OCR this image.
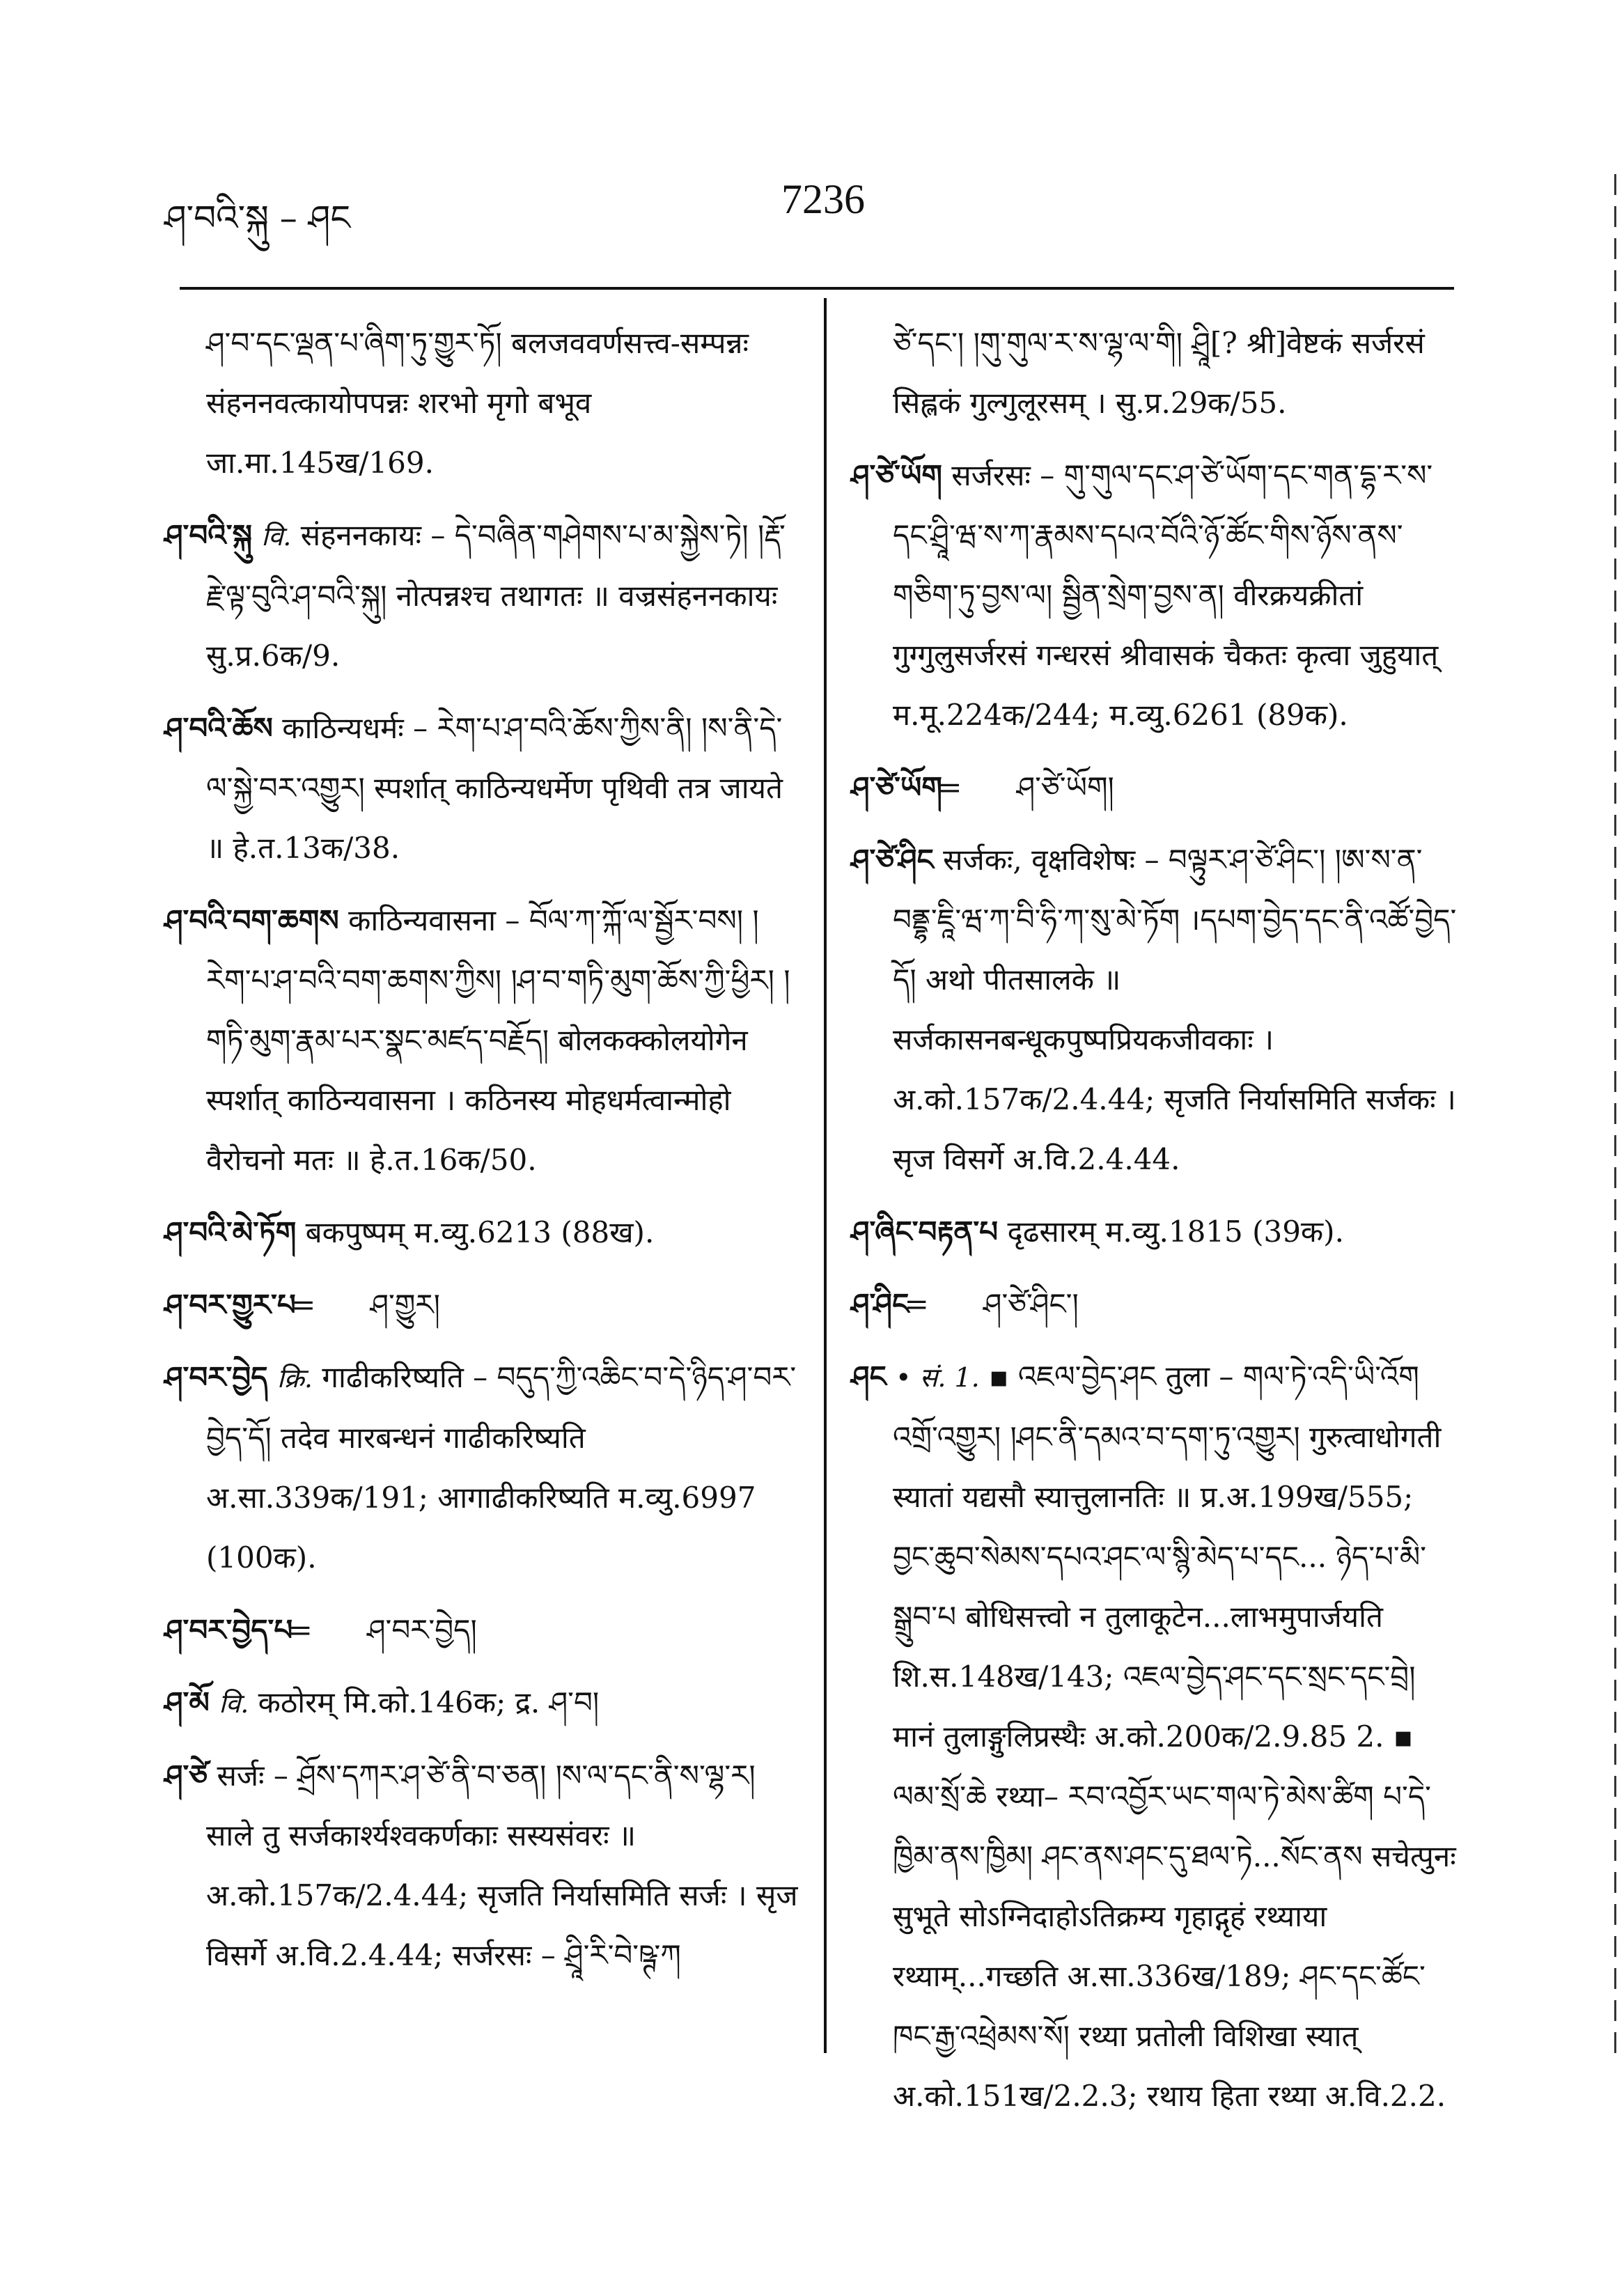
ཤ་བའི་སྐུ – ཤང	7236
ཤ་བ་དང་ལྡན་པ་ཞིག་ཏུ་གྱུར་ཏོ། बलजववर्णसत्त्व-सम्पन्नः संहननवत्कायोपपन्नः शरभो मृगो बभूव जा.मा.145ख/169.
ཤ་བའི་སྐུ वि. संहननकायः – དེ་བཞིན་གཤེགས་པ་མ་སྐྱེས་ཏེ། །རྡོ་རྗེ་ལྟ་བུའི་ཤ་བའི་སྐུ། नोत्पन्नश्च तथागतः ॥ वज्रसंहननकायः सु.प्र.6क/9.
ཤ་བའི་ཆོས काठिन्यधर्मः – རེག་པ་ཤ་བའི་ཆོས་ཀྱིས་ནི། །ས་ནི་དེ་ལ་སྐྱེ་བར་འགྱུར། स्पर्शात् काठिन्यधर्मेण पृथिवी तत्र जायते ॥ हे.त.13क/38.
ཤ་བའི་བག་ཆགས काठिन्यवासना – བོལ་ཀ་ཀྐོ་ལ་སྦྱོར་བས། །རེག་པ་ཤ་བའི་བག་ཆགས་ཀྱིས། །ཤ་བ་གཏི་མུག་ཆོས་ཀྱི་ཕྱིར། །གཏི་མུག་རྣམ་པར་སྣང་མཛད་བརྗོད། बोलकक्कोलयोगेन स्पर्शात् काठिन्यवासना । कठिनस्य मोहधर्मत्वान्मोहो वैरोचनो मतः ॥ हे.त.16क/50.
ཤ་བའི་མེ་ཏོག बकपुष्पम् म.व्यु.6213 (88ख).
ཤ་བར་གྱུར་པ = ཤ་གྱུར།
ཤ་བར་བྱེད क्रि. गाढीकरिष्यति – བདུད་ཀྱི་འཆིང་བ་དེ་ཉིད་ཤ་བར་བྱེད་དོ། तदेव मारबन्धनं गाढीकरिष्यति अ.सा.339क/191; आगाढीकरिष्यति म.व्यु.6997 (100क).
ཤ་བར་བྱེད་པ = ཤ་བར་བྱེད།
ཤ་མོ वि. कठोरम् मि.को.146क; द्र. ཤ་བ།
ཤ་ཙེ सर्जः – ཤྲོས་དཀར་ཤ་ཙེ་ནི་བ་ཅན། །ས་ལ་དང་ནི་ས་ལྷ་ར། साले तु सर्जकार्श्यश्वकर्णकाः सस्यसंवरः ॥ अ.को.157क/2.4.44; सृजति निर्यासमिति सर्जः । सृज विसर्गे अ.वि.2.4.44; सर्जरसः – ཤྲཱི་རི་བེ་ཥྚ་ཀ
ཙེ་དང་། །གུ་གུལ་ར་ས་ལྷ་ལ་གི། ཤྲཱི[? श्री]वेष्टकं सर्जरसं सिह्लकं गुल्गुलूरसम् । सु.प्र.29क/55.
ཤ་ཙེ་ཡོག सर्जरसः – གུ་གུལ་དང་ཤ་ཙེ་ཡོག་དང་གན་དྷ་ར་ས་དང་ཤྲཱི་ཝ་ས་ཀ་རྣམས་དཔའ་བོའི་ཉོ་ཚོང་གིས་ཉོས་ནས་གཅིག་ཏུ་བྱས་ལ། སྦྱིན་སྲེག་བྱས་ན། वीरक्रयक्रीतां गुग्गुलुसर्जरसं गन्धरसं श्रीवासकं चैकतः कृत्वा जुहुयात् म.मू.224क/244; म.व्यु.6261 (89क).
ཤ་ཙེ་ཡོག = ཤ་ཙེ་ཡོག།
ཤ་ཙེ་ཤིང सर्जकः, वृक्षविशेषः – བལྟུར་ཤ་ཙེ་ཤིང་། །ཨ་ས་ན་བནྡྷ་ཇཱི་ཝ་ཀ་བི་ཧི་ཀ་སུ་མེ་ཏོག ।དཔག་བྱེད་དང་ནི་འཚོ་བྱེད་དོ། अथो पीतसालके ॥ सर्जकासनबन्धूकपुष्पप्रियकजीवकाः । अ.को.157क/2.4.44; सृजति निर्यासमिति सर्जकः । सृज विसर्गे अ.वि.2.4.44.
ཤ་ཞིང་བརྟན་པ दृढसारम् म.व्यु.1815 (39क).
ཤ་ཤིང = ཤ་ཙེ་ཤིང་།
ཤང • सं. 1. ▪ འཇལ་བྱེད་ཤང तुला – གལ་ཏེ་འདི་ཡི་འོག འགྲོ་འགྱུར། །ཤང་ནི་དམའ་བ་དག་ཏུ་འགྱུར། गुरुत्वाधोगती स्यातां यद्यसौ स्यात्तुलानतिः ॥ प्र.अ.199ख/555; བྱང་ཆུབ་སེམས་དཔའ་ཤང་ལ་སྙི་མེད་པ་དང... ཉེད་པ་མི་སྒྲུབ་པ बोधिसत्त्वो न तुलाकूटेन...लाभमुपार्जयति शि.स.148ख/143; འཇལ་བྱེད་ཤང་དང་སྲང་དང་བྲེ། मानं तुलाङ्गुलिप्रस्थैः अ.को.200क/2.9.85 2. ▪ ལམ་སྲོ་ཆེ रथ्या– རབ་འབྱོར་ཡང་གལ་ཏེ་མེས་ཚིག པ་དེ་ཁྱིམ་ནས་ཁྱིམ། ཤང་ནས་ཤང་དུ་ཐལ་ཏེ...སོང་ནས सचेत्पुनः सुभूते सोऽग्निदाहोऽतिक्रम्य गृहाद्गृहं रथ्याया रथ्याम्...गच्छति अ.सा.336ख/189; ཤང་དང་ཚོང་ཁང་རྒྱ་འཕྲེམས་སོ། रथ्या प्रतोली विशिखा स्यात् अ.को.151ख/2.2.3; रथाय हिता रथ्या अ.वि.2.2.
